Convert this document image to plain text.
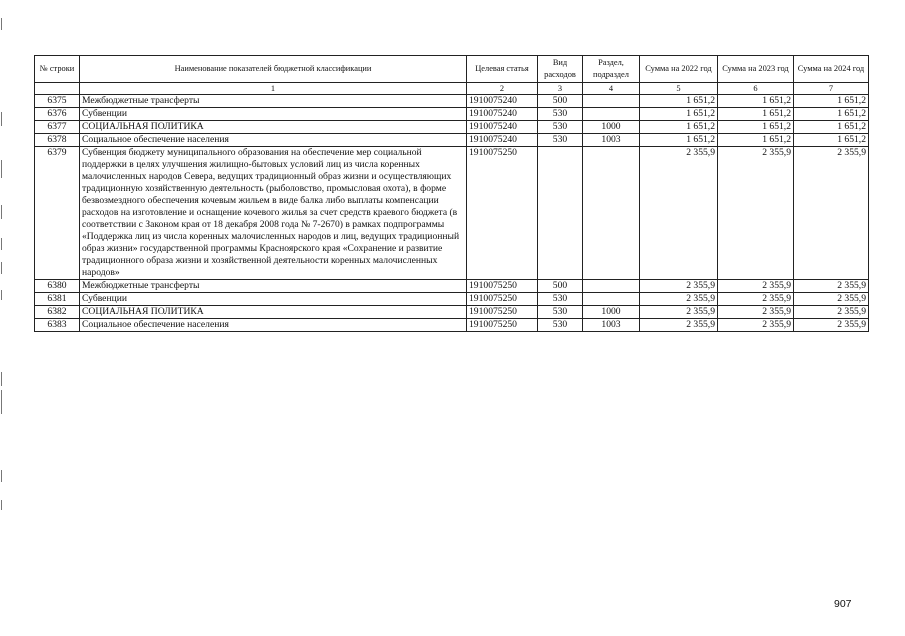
№ строки	Наименование показателей бюджетной классификации	Целевая статья	Вид расходов	Раздел, подраздел	Сумма на 2022 год	Сумма на 2023 год	Сумма на 2024 год
	1	2	3	4	5	6	7
6375	Межбюджетные трансферты	1910075240	500		1 651,2	1 651,2	1 651,2
6376	Субвенции	1910075240	530		1 651,2	1 651,2	1 651,2
6377	СОЦИАЛЬНАЯ ПОЛИТИКА	1910075240	530	1000	1 651,2	1 651,2	1 651,2
6378	Социальное обеспечение населения	1910075240	530	1003	1 651,2	1 651,2	1 651,2
6379	Субвенция бюджету муниципального образования на обеспечение мер социальной поддержки в целях улучшения жилищно-бытовых условий лиц из числа коренных малочисленных народов Севера, ведущих традиционный образ жизни и осуществляющих традиционную хозяйственную деятельность (рыболовство, промысловая охота), в форме безвозмездного обеспечения кочевым жильем в виде балка либо выплаты компенсации расходов на изготовление и оснащение кочевого жилья за счет средств краевого бюджета (в соответствии с Законом края от 18 декабря 2008 года № 7-2670) в рамках подпрограммы «Поддержка лиц из числа коренных малочисленных народов и лиц, ведущих традиционный образ жизни» государственной программы Красноярского края «Сохранение и развитие традиционного образа жизни и хозяйственной деятельности коренных малочисленных народов»	1910075250			2 355,9	2 355,9	2 355,9
6380	Межбюджетные трансферты	1910075250	500		2 355,9	2 355,9	2 355,9
6381	Субвенции	1910075250	530		2 355,9	2 355,9	2 355,9
6382	СОЦИАЛЬНАЯ ПОЛИТИКА	1910075250	530	1000	2 355,9	2 355,9	2 355,9
6383	Социальное обеспечение населения	1910075250	530	1003	2 355,9	2 355,9	2 355,9
907
